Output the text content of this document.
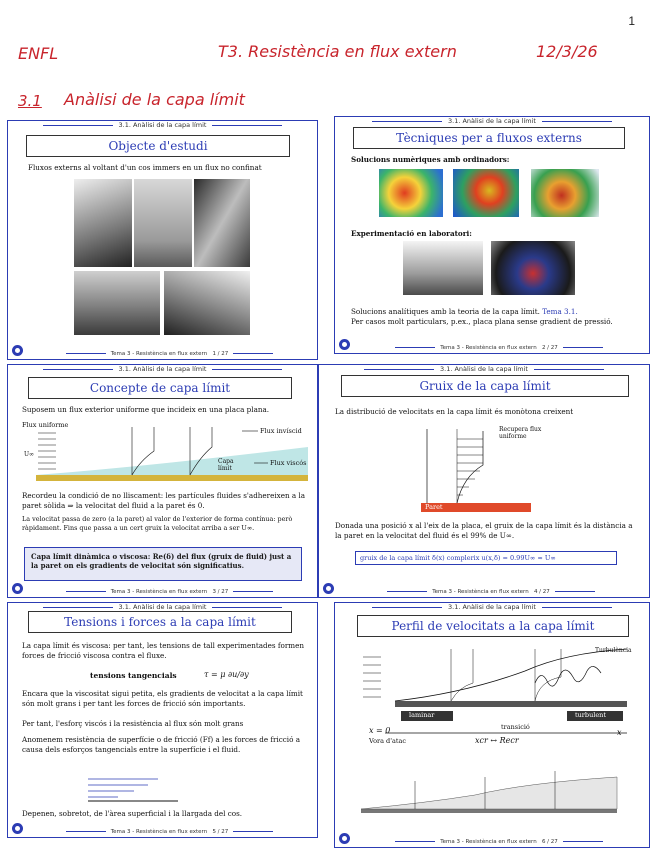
1
ENFL	T3. Resistència en flux extern	12/3/26
3.1 Anàlisi de la capa límit
3.1. Anàlisi de la capa límit
Objecte d'estudi
Fluxos externs al voltant d'un cos immers en un flux no confinat
Tema 3 - Resistència en flux extern 1 / 27
3.1. Anàlisi de la capa límit
Tècniques per a fluxos externs
Solucions numèriques amb ordinadors:
Experimentació en laboratori:
Solucions analítiques amb la teoria de la capa límit. Tema 3.1.
Per casos molt particulars, p.ex., placa plana sense gradient de pressió.
Tema 3 - Resistència en flux extern 2 / 27
3.1. Anàlisi de la capa límit
Concepte de capa límit
Suposem un flux exterior uniforme que incideix en una placa plana.
Flux uniforme
U∞
Flux invíscid
Capa límit
Flux viscós
Recordeu la condició de no lliscament: les partícules fluides s'adhereixen a la paret sòlida ⇒ la velocitat del fluid a la paret és 0.
La velocitat passa de zero (a la paret) al valor de l'exterior de forma contínua: però ràpidament. Fins que passa a un cert gruix la velocitat arriba a ser U∞.
Capa límit dinàmica o viscosa: Re(δ) del flux (gruix de fluid) just a la paret on els gradients de velocitat són significatius.
Tema 3 - Resistència en flux extern 3 / 27
3.1. Anàlisi de la capa límit
Gruix de la capa límit
La distribució de velocitats en la capa límit és monòtona creixent
Recupera flux uniforme
Paret
Donada una posició x al l'eix de la placa, el gruix de la capa límit és la distància a la paret en la velocitat del fluid és el 99% de U∞.
gruix de la capa límit δ(x) complerix u(x,δ) = 0.99U∞ ≈ U∞
Tema 3 - Resistència en flux extern 4 / 27
3.1. Anàlisi de la capa límit
Tensions i forces a la capa límit
La capa límit és viscosa: per tant, les tensions de tall experimentades formen forces de fricció viscosa contra el fluxe.
tensions tangencials	τ = μ ∂u/∂y
Encara que la viscositat sigui petita, els gradients de velocitat a la capa límit són molt grans i per tant les forces de fricció són importants.
Per tant, l'esforç viscós i la resistència al flux són molt grans
Anomenem resistència de superfície o de fricció (Ff) a les forces de fricció a causa dels esforços tangencials entre la superfície i el fluid.
Depenen, sobretot, de l'àrea superficial i la llargada del cos.
Tema 3 - Resistència en flux extern 5 / 27
3.1. Anàlisi de la capa límit
Perfil de velocitats a la capa límit
laminar
transició
turbulent
Turbulència
x = 0
Vora d'atac	xcr ↔ Recr
x
Tema 3 - Resistència en flux extern 6 / 27
